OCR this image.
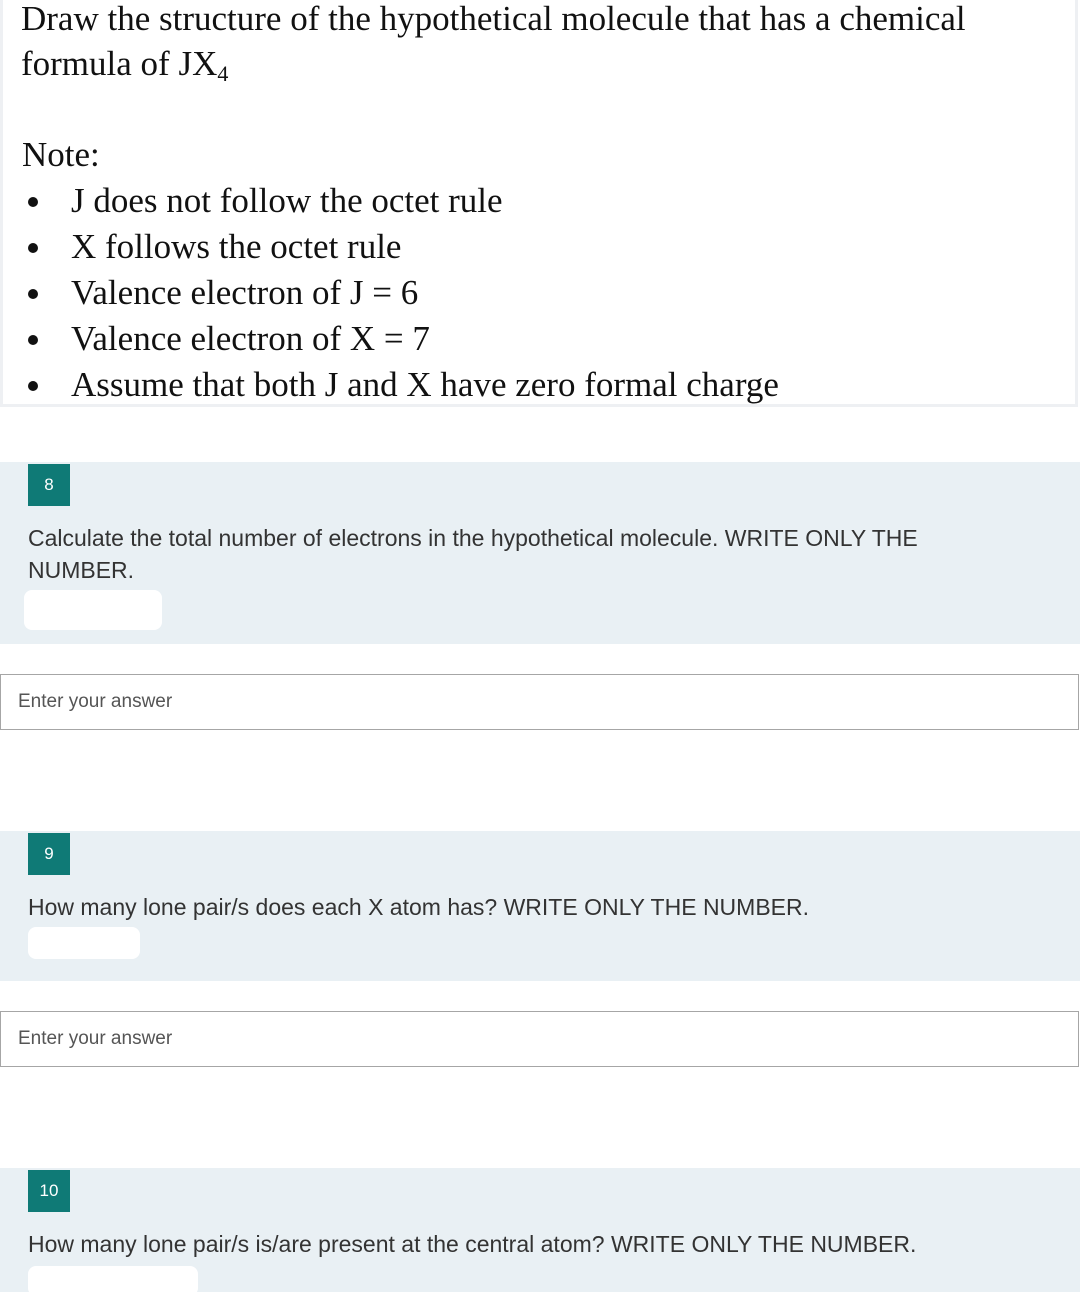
Draw the structure of the hypothetical molecule that has a chemical formula of $JX_4$
Note:
J does not follow the octet rule
X follows the octet rule
Valence electron of J = 6
Valence electron of X = 7
Assume that both J and X have zero formal charge
8

Calculate the total number of electrons in the hypothetical molecule. WRITE ONLY THE NUMBER.

Enter your answer
9

How many lone pair/s does each X atom has? WRITE ONLY THE NUMBER.

Enter your answer
10

How many lone pair/s is/are present at the central atom? WRITE ONLY THE NUMBER.
